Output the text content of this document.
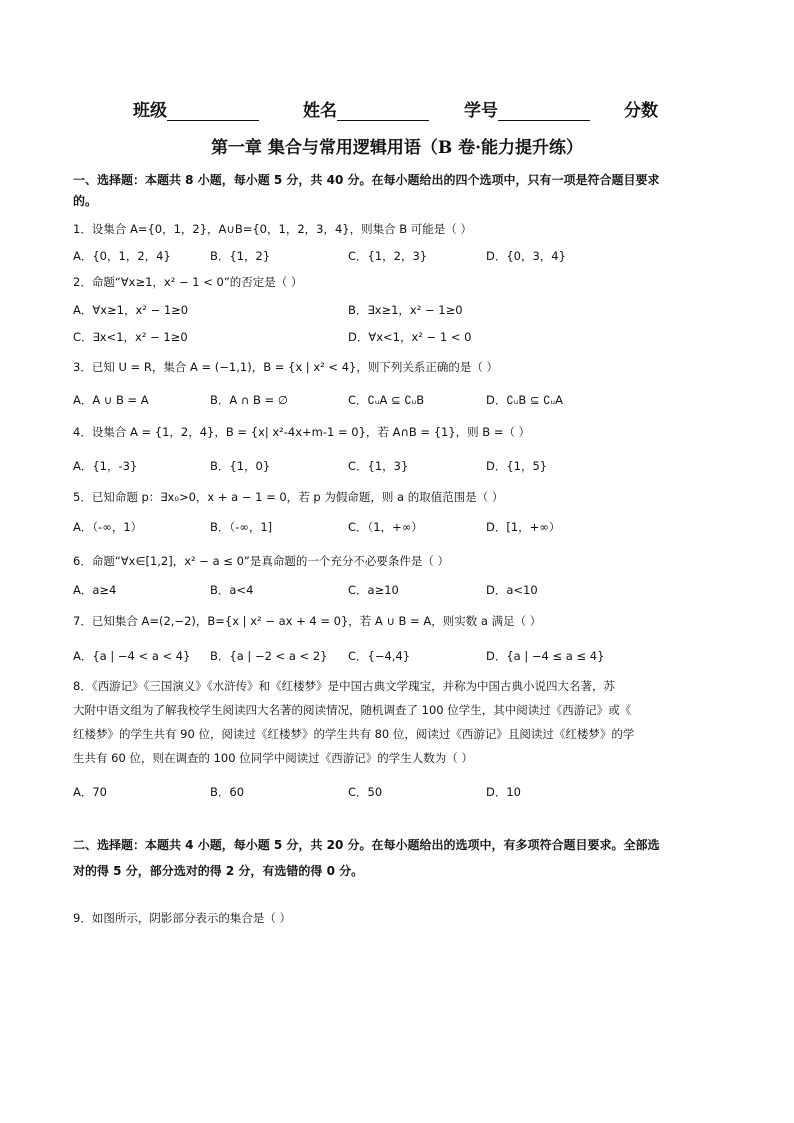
班级	姓名	学号	分数
第一章 集合与常用逻辑用语（B 卷·能力提升练）
一、选择题：本题共 8 小题，每小题 5 分，共 40 分。在每小题给出的四个选项中，只有一项是符合题目要求
的。
1．设集合 A={0，1，2}，A∪B={0，1，2，3，4}，则集合 B 可能是（ ）
A．{0，1，2，4}	B．{1，2}	C．{1，2，3}	D．{0，3，4}
2．命题“∀x≥1，x² − 1 < 0”的否定是（ ）
A．∀x≥1，x² − 1≥0	B．∃x≥1，x² − 1≥0
C．∃x<1，x² − 1≥0	D．∀x<1，x² − 1 < 0
3．已知 U = R，集合 A = (−1,1)，B = {x | x² < 4}，则下列关系正确的是（ ）
A．A ∪ B = A	B．A ∩ B = ∅	C．∁ᵤA ⊆ ∁ᵤB	D．∁ᵤB ⊆ ∁ᵤA
4．设集合 A = {1，2，4}，B = {x| x²-4x+m-1 = 0}，若 A∩B = {1}，则 B =（ ）
A．{1，-3}	B．{1，0}	C．{1，3}	D．{1，5}
5．已知命题 p：∃x₀>0，x + a − 1 = 0，若 p 为假命题，则 a 的取值范围是（ ）
A．（-∞，1）	B．（-∞，1]	C．（1，+∞）	D．[1，+∞）
6．命题“∀x∈[1,2]，x² − a ≤ 0”是真命题的一个充分不必要条件是（ ）
A．a≥4	B．a<4	C．a≥10	D．a<10
7．已知集合 A=(2,−2)，B={x | x² − ax + 4 = 0}，若 A ∪ B = A，则实数 a 满足（ ）
A．{a | −4 < a < 4} B．{a | −2 < a < 2} C．{−4,4}	D．{a | −4 ≤ a ≤ 4}
8．《西游记》《三国演义》《水浒传》和《红楼梦》是中国古典文学瑰宝，并称为中国古典小说四大名著，苏
大附中语文组为了解我校学生阅读四大名著的阅读情况，随机调查了 100 位学生，其中阅读过《西游记》或《
红楼梦》的学生共有 90 位，阅读过《红楼梦》的学生共有 80 位，阅读过《西游记》且阅读过《红楼梦》的学
生共有 60 位，则在调查的 100 位同学中阅读过《西游记》的学生人数为（ ）
A．70	B．60	C．50	D．10
二、选择题：本题共 4 小题，每小题 5 分，共 20 分。在每小题给出的选项中，有多项符合题目要求。全部选
对的得 5 分，部分选对的得 2 分，有选错的得 0 分。
9．如图所示，阴影部分表示的集合是（ ）
